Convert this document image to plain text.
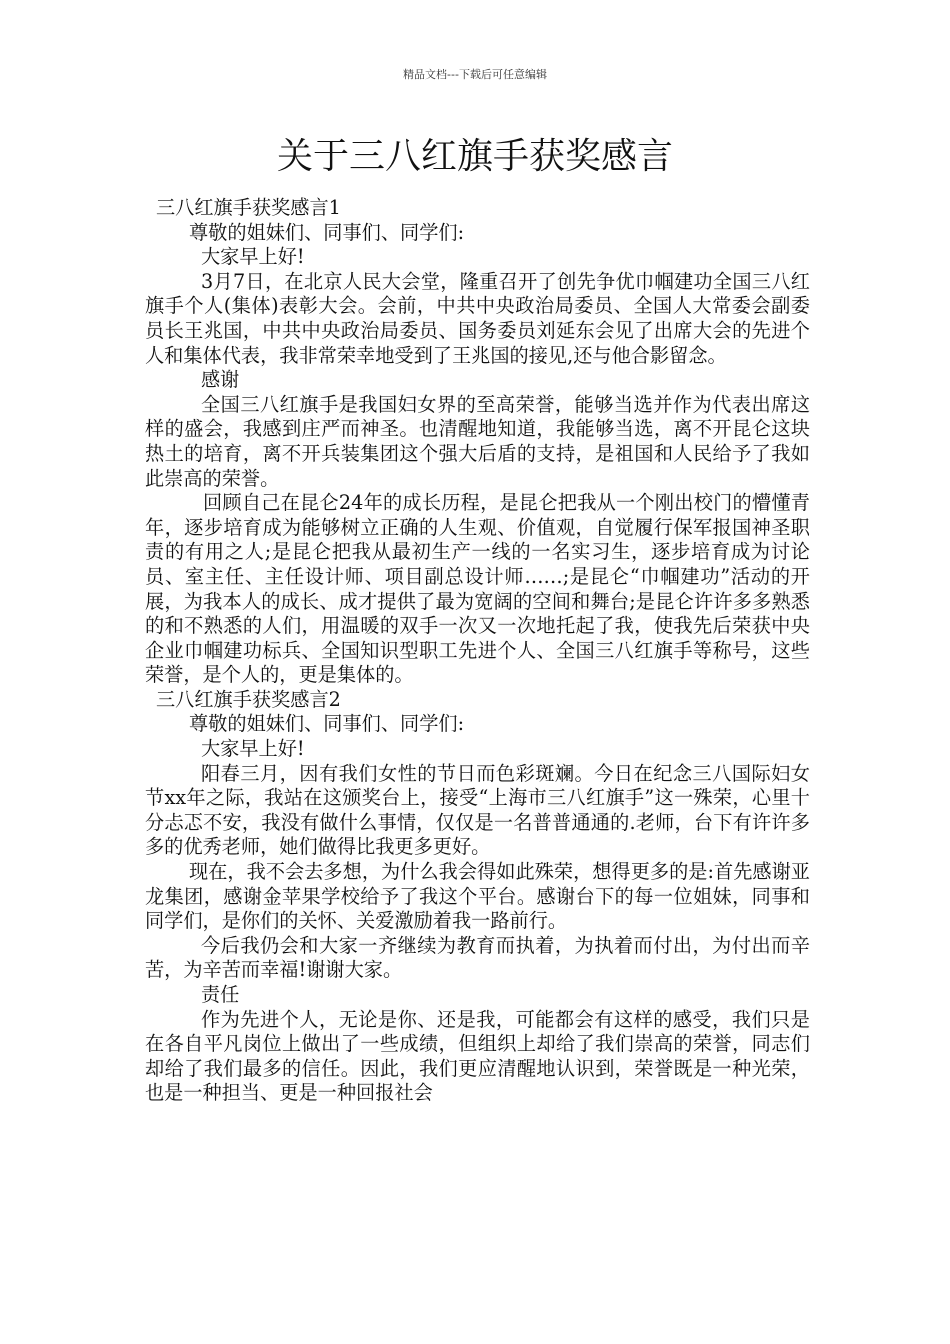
精品文档---下载后可任意编辑
关于三八红旗手获奖感言

三八红旗手获奖感言1

尊敬的姐妹们、同事们、同学们:

大家早上好!

3月7日，在北京人民大会堂，隆重召开了创先争优巾帼建功全国三八红旗手个人(集体)表彰大会。会前，中共中央政治局委员、全国人大常委会副委员长王兆国，中共中央政治局委员、国务委员刘延东会见了出席大会的先进个人和集体代表，我非常荣幸地受到了王兆国的接见,还与他合影留念。

感谢

全国三八红旗手是我国妇女界的至高荣誉，能够当选并作为代表出席这样的盛会，我感到庄严而神圣。也清醒地知道，我能够当选，离不开昆仑这块热土的培育，离不开兵装集团这个强大后盾的支持，是祖国和人民给予了我如此崇高的荣誉。

回顾自己在昆仑24年的成长历程，是昆仑把我从一个刚出校门的懵懂青年，逐步培育成为能够树立正确的人生观、价值观，自觉履行保军报国神圣职责的有用之人;是昆仑把我从最初生产一线的一名实习生，逐步培育成为讨论员、室主任、主任设计师、项目副总设计师……;是昆仑“巾帼建功”活动的开展，为我本人的成长、成才提供了最为宽阔的空间和舞台;是昆仑许许多多熟悉的和不熟悉的人们，用温暖的双手一次又一次地托起了我，使我先后荣获中央企业巾帼建功标兵、全国知识型职工先进个人、全国三八红旗手等称号，这些荣誉，是个人的，更是集体的。

三八红旗手获奖感言2

尊敬的姐妹们、同事们、同学们:

大家早上好!

阳春三月，因有我们女性的节日而色彩斑斓。今日在纪念三八国际妇女节xx年之际，我站在这颁奖台上，接受“上海市三八红旗手”这一殊荣，心里十分忐忑不安，我没有做什么事情，仅仅是一名普普通通的.老师，台下有许许多多的优秀老师，她们做得比我更多更好。

现在，我不会去多想，为什么我会得如此殊荣，想得更多的是:首先感谢亚龙集团，感谢金苹果学校给予了我这个平台。感谢台下的每一位姐妹，同事和同学们，是你们的关怀、关爱激励着我一路前行。

今后我仍会和大家一齐继续为教育而执着，为执着而付出，为付出而辛苦，为辛苦而幸福!谢谢大家。

责任

作为先进个人，无论是你、还是我，可能都会有这样的感受，我们只是在各自平凡岗位上做出了一些成绩，但组织上却给了我们崇高的荣誉，同志们却给了我们最多的信任。因此，我们更应清醒地认识到，荣誉既是一种光荣，也是一种担当、更是一种回报社会
